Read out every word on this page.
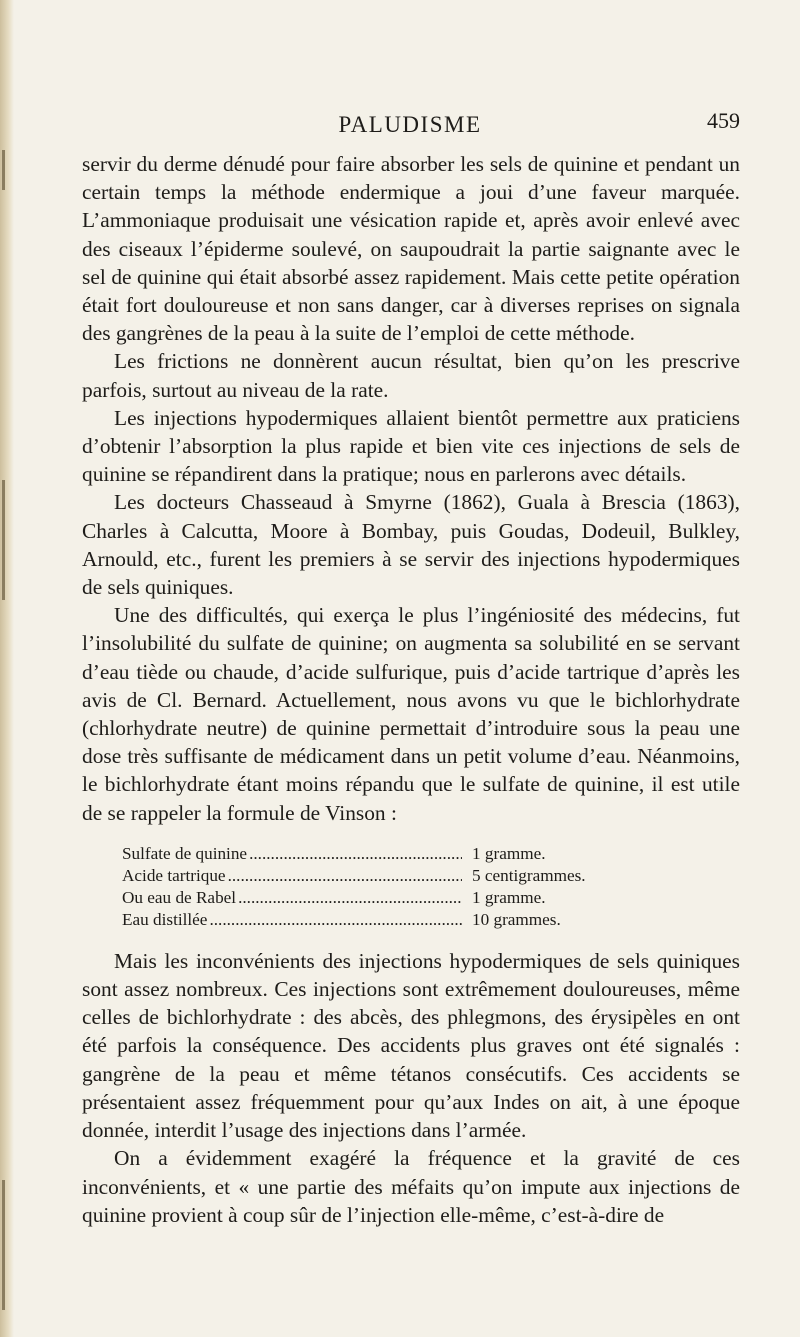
PALUDISME	459

servir du derme dénudé pour faire absorber les sels de quinine et pendant un certain temps la méthode endermique a joui d’une faveur marquée. L’ammoniaque produisait une vésication rapide et, après avoir enlevé avec des ciseaux l’épiderme soulevé, on saupoudrait la partie saignante avec le sel de quinine qui était absorbé assez rapidement. Mais cette petite opération était fort douloureuse et non sans danger, car à diverses reprises on signala des gangrènes de la peau à la suite de l’emploi de cette méthode.

Les frictions ne donnèrent aucun résultat, bien qu’on les prescrive parfois, surtout au niveau de la rate.

Les injections hypodermiques allaient bientôt permettre aux praticiens d’obtenir l’absorption la plus rapide et bien vite ces injections de sels de quinine se répandirent dans la pratique; nous en parlerons avec détails.

Les docteurs Chasseaud à Smyrne (1862), Guala à Brescia (1863), Charles à Calcutta, Moore à Bombay, puis Goudas, Dodeuil, Bulkley, Arnould, etc., furent les premiers à se servir des injections hypodermiques de sels quiniques.

Une des difficultés, qui exerça le plus l’ingéniosité des médecins, fut l’insolubilité du sulfate de quinine; on augmenta sa solubilité en se servant d’eau tiède ou chaude, d’acide sulfurique, puis d’acide tartrique d’après les avis de Cl. Bernard. Actuellement, nous avons vu que le bichlorhydrate (chlorhydrate neutre) de quinine permettait d’introduire sous la peau une dose très suffisante de médicament dans un petit volume d’eau. Néanmoins, le bichlorhydrate étant moins répandu que le sulfate de quinine, il est utile de se rappeler la formule de Vinson :

Sulfate de quinine .....	1 gramme.
Acide tartrique .....	5 centigrammes.
Ou eau de Rabel .....	1 gramme.
Eau distillée .....	10 grammes.

Mais les inconvénients des injections hypodermiques de sels quiniques sont assez nombreux. Ces injections sont extrêmement douloureuses, même celles de bichlorhydrate : des abcès, des phlegmons, des érysipèles en ont été parfois la conséquence. Des accidents plus graves ont été signalés : gangrène de la peau et même tétanos consécutifs. Ces accidents se présentaient assez fréquemment pour qu’aux Indes on ait, à une époque donnée, interdit l’usage des injections dans l’armée.

On a évidemment exagéré la fréquence et la gravité de ces inconvénients, et « une partie des méfaits qu’on impute aux injections de quinine provient à coup sûr de l’injection elle-même, c’est-à-dire de
